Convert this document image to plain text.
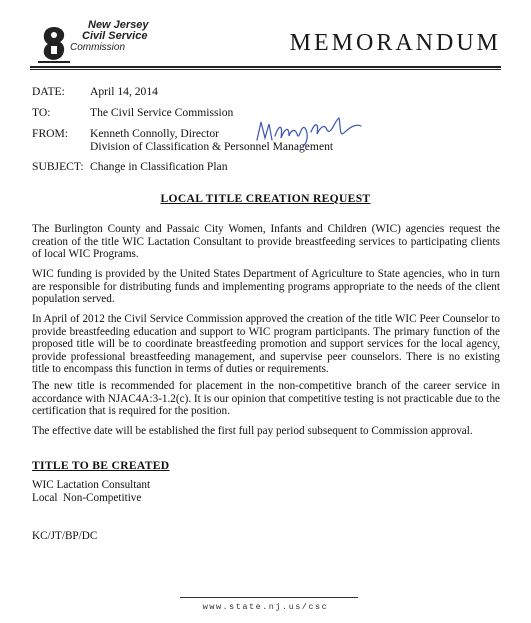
New Jersey
Civil Service
Commission	MEMORANDUM
DATE:	April 14, 2014
TO:	The Civil Service Commission
FROM:	Kenneth Connolly, Director
Division of Classification & Personnel Management
SUBJECT: Change in Classification Plan
LOCAL TITLE CREATION REQUEST
The Burlington County and Passaic City Women, Infants and Children (WIC) agencies request the creation of the title WIC Lactation Consultant to provide breastfeeding services to participating clients of local WIC Programs.
WIC funding is provided by the United States Department of Agriculture to State agencies, who in turn are responsible for distributing funds and implementing programs appropriate to the needs of the client population served.
In April of 2012 the Civil Service Commission approved the creation of the title WIC Peer Counselor to provide breastfeeding education and support to WIC program participants. The primary function of the proposed title will be to coordinate breastfeeding promotion and support services for the local agency, provide professional breastfeeding management, and supervise peer counselors. There is no existing title to encompass this function in terms of duties or requirements.
The new title is recommended for placement in the non-competitive branch of the career service in accordance with NJAC4A:3-1.2(c). It is our opinion that competitive testing is not practicable due to the certification that is required for the position.
The effective date will be established the first full pay period subsequent to Commission approval.
TITLE TO BE CREATED
WIC Lactation Consultant
Local  Non-Competitive
KC/JT/BP/DC
www.state.nj.us/csc
